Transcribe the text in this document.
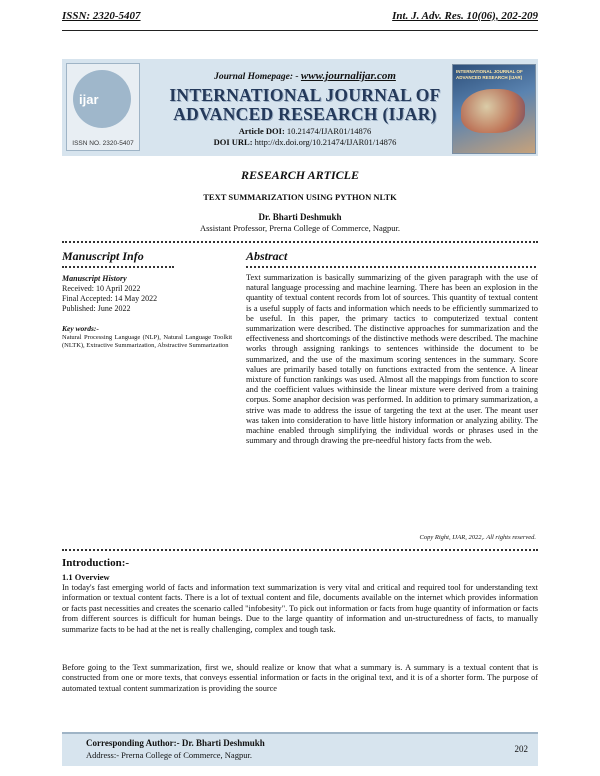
ISSN: 2320-5407	Int. J. Adv. Res. 10(06), 202-209
ijar
ISSN NO. 2320-5407
Journal Homepage: - www.journalijar.com
INTERNATIONAL JOURNAL OF
ADVANCED RESEARCH (IJAR)
Article DOI: 10.21474/IJAR01/14876
DOI URL: http://dx.doi.org/10.21474/IJAR01/14876
INTERNATIONAL JOURNAL OF ADVANCED RESEARCH (IJAR)
RESEARCH ARTICLE
TEXT SUMMARIZATION USING PYTHON NLTK
Dr. Bharti Deshmukh
Assistant Professor, Prerna College of Commerce, Nagpur.
Manuscript Info	Abstract
Manuscript History
Received: 10 April 2022
Final Accepted: 14 May 2022
Published: June 2022
Key words:-
Natural Processing Language (NLP), Natural Language Toolkit (NLTK), Extractive Summarization, Abstractive Summarization
Text summarization is basically summarizing of the given paragraph with the use of natural language processing and machine learning. There has been an explosion in the quantity of textual content records from lot of sources. This quantity of textual content is a useful supply of facts and information which needs to be efficiently summarized to be useful. In this paper, the primary tactics to computerized textual content summarization were described. The distinctive approaches for summarization and the effectiveness and shortcomings of the distinctive methods were described. The machine works through assigning rankings to sentences withinside the document to be summarized, and the use of the maximum scoring sentences in the summary. Score values are primarily based totally on functions extracted from the sentence. A linear mixture of function rankings was used. Almost all the mappings from function to score and the coefficient values withinside the linear mixture were derived from a training corpus. Some anaphor decision was performed. In addition to primary summarization, a strive was made to address the issue of targeting the text at the user. The meant user was taken into consideration to have little history information or analyzing ability. The machine enabled through simplifying the individual words or phrases used in the summary and through drawing the pre-needful history facts from the web.
Copy Right, IJAR, 2022,. All rights reserved.
Introduction:-
1.1 Overview
In today's fast emerging world of facts and information text summarization is very vital and critical and required tool for understanding text information or textual content facts. There is a lot of textual content and file, documents available on the internet which provides information or facts past necessities and creates the scenario called "infobesity". To pick out information or facts from huge quantity of information or facts from different sources is difficult for human beings. Due to the large quantity of information and un-structuredness of facts, to manually summarize facts to be had at the net is really challenging, complex and tough task.
Before going to the Text summarization, first we, should realize or know that what a summary is. A summary is a textual content that is constructed from one or more texts, that conveys essential information or facts in the original text, and it is of a shorter form. The purpose of automated textual content summarization is providing the source
Corresponding Author:- Dr. Bharti Deshmukh
Address:- Prerna College of Commerce, Nagpur.
202
